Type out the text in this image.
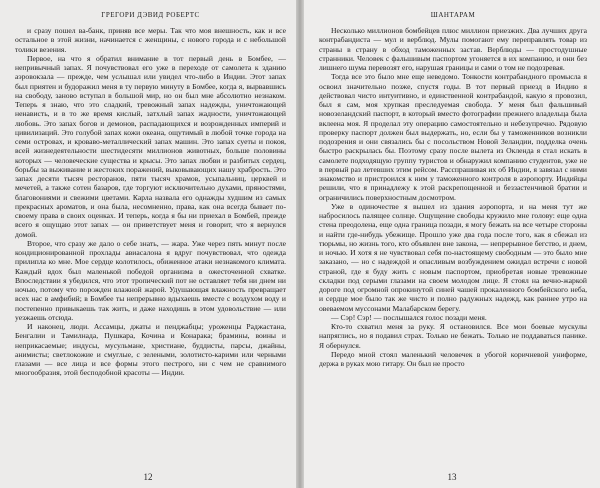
ГРЕГОРИ ДЭВИД РОБЕРТС

и сразу пошел ва-банк, приняв все меры. Так что моя внешность, как и все остальное в этой жизни, начинается с женщины, с нового города и с небольшой толики везения.

Первое, на что я обратил внимание в тот первый день в Бомбее, — непривычный запах. Я почувствовал его уже в переходе от самолета к зданию аэровокзала — прежде, чем услышал или увидел что-либо в Индии. Этот запах был приятен и будоражил меня в ту первую минуту в Бомбее, когда я, вырвавшись на свободу, заново вступал в большой мир, но он был мне абсолютно незнаком. Теперь я знаю, что это сладкий, тревожный запах надежды, уничтожающей ненависть, и в то же время кислый, затхлый запах жадности, уничтожающей любовь. Это запах богов и демонов, распадающихся и возрожденных империй и цивилизаций. Это голубой запах кожи океана, ощутимый в любой точке города на семи островах, и кроваво-металлический запах машин. Это запах суеты и покоя, всей жизнедеятельности шестидесяти миллионов животных, больше половины которых — человеческие существа и крысы. Это запах любви и разбитых сердец, борьбы за выживание и жестоких поражений, выковывающих нашу храбрость. Это запах десяти тысяч ресторанов, пяти тысяч храмов, усыпальниц, церквей и мечетей, а также сотен базаров, где торгуют исключительно духами, пряностями, благовониями и свежими цветами. Карла назвала его однажды худшим из самых прекрасных ароматов, и она была, несомненно, права, как она всегда бывает по-своему права в своих оценках. И теперь, когда я бы ни приехал в Бомбей, прежде всего я ощущаю этот запах — он приветствует меня и говорит, что я вернулся домой.

Второе, что сразу же дало о себе знать, — жара. Уже через пять минут после кондиционированной прохлады авиасалона я вдруг почувствовал, что одежда прилипла ко мне. Мое сердце колотилось, обиженное атаки незнакомого климата. Каждый вдох был маленькой победой организма в ожесточенной схватке. Впоследствии я убедился, что этот тропический пот не оставляет тебя ни днем ни ночью, потому что порожден влажной жарой. Удушающая влажность превращает всех нас в амфибий; в Бомбее ты непрерывно вдыхаешь вместе с воздухом воду и постепенно привыкаешь так жить, и даже находишь в этом удовольствие — или уезжаешь отсюда.

И наконец, люди. Ассамцы, джаты и пенджабцы; уроженцы Раджастана, Бенгалии и Тамилнада, Пушкара, Кочина и Конарака; брамины, воины и неприкасаемые; индусы, мусульмане, христиане, буддисты, парсы, джайны, анимисты; светлокожие и смуглые, с зелеными, золотисто-карими или черными глазами — все лица и все формы этого пестрого, ни с чем не сравнимого многообразия, этой бесподобной красоты — Индии.

12
ШАНТАРАМ

Несколько миллионов бомбейцев плюс миллион приезжих. Два лучших друга контрабандиста — мул и верблюд. Мулы помогают ему переправлять товар из страны в страну в обход таможенных застав. Верблюды — простодушные странники. Человек с фальшивым паспортом угоняется в их компанию, и они без лишнего шума перевозят его, нарушая границы и сами о том не подозревая.

Тогда все это было мне еще неведомо. Тонкости контрабандного промысла я освоил значительно позже, спустя годы. В тот первый приезд в Индию я действовал чисто интуитивно, и единственной контрабандой, какую я провозил, был я сам, моя хрупкая преследуемая свобода. У меня был фальшивый новозеландский паспорт, в который вместо фотографии прежнего владельца была вклеена моя. Я проделал эту операцию самостоятельно и небезупречно. Рядовую проверку паспорт должен был выдержать, но, если бы у таможенников возникли подозрения и они связались бы с посольством Новой Зеландии, подделка очень быстро раскрылась бы. Поэтому сразу после вылета из Окленда я стал искать в самолете подходящую группу туристов и обнаружил компанию студентов, уже не в первый раз летевших этим рейсом. Расспрашивая их об Индии, я завязал с ними знакомство и пристроился к ним у таможенного контроля в аэропорту. Индийцы решили, что я принадлежу к этой раскрепощенной и беззастенчивой братии и ограничились поверхностным досмотром.

Уже в одиночестве я вышел из здания аэропорта, и на меня тут же набросилось палящее солнце. Ощущение свободы кружило мне голову: еще одна стена преодолена, еще одна граница позади, я могу бежать на все четыре стороны и найти где-нибудь убежище. Прошло уже два года после того, как я сбежал из тюрьмы, но жизнь того, кто объявлен вне закона, — непрерывное бегство, и днем, и ночью. И хотя я не чувствовал себя по-настоящему свободным — это было мне заказано, — но с надеждой и опасливым возбуждением ожидал встречи с новой страной, где я буду жить с новым паспортом, приобретая новые тревожные складки под серыми глазами на своем молодом лице. Я стоял на вечно-жаркой дороге под огромной опрокинутой синей чашей прокаленного бомбейского неба, и сердце мое было так же чисто и полно радужных надежд, как раннее утро на овеваемом муссонами Малабарском берегу.

— Сэр! Сэр! — послышался голос позади меня.

Кто-то схватил меня за руку. Я остановился. Все мои боевые мускулы напряглись, но я подавил страх. Только не бежать. Только не поддаваться панике. Я обернулся.

Передо мной стоял маленький человечек в убогой коричневой униформе, держа в руках мою гитару. Он был не просто

13
